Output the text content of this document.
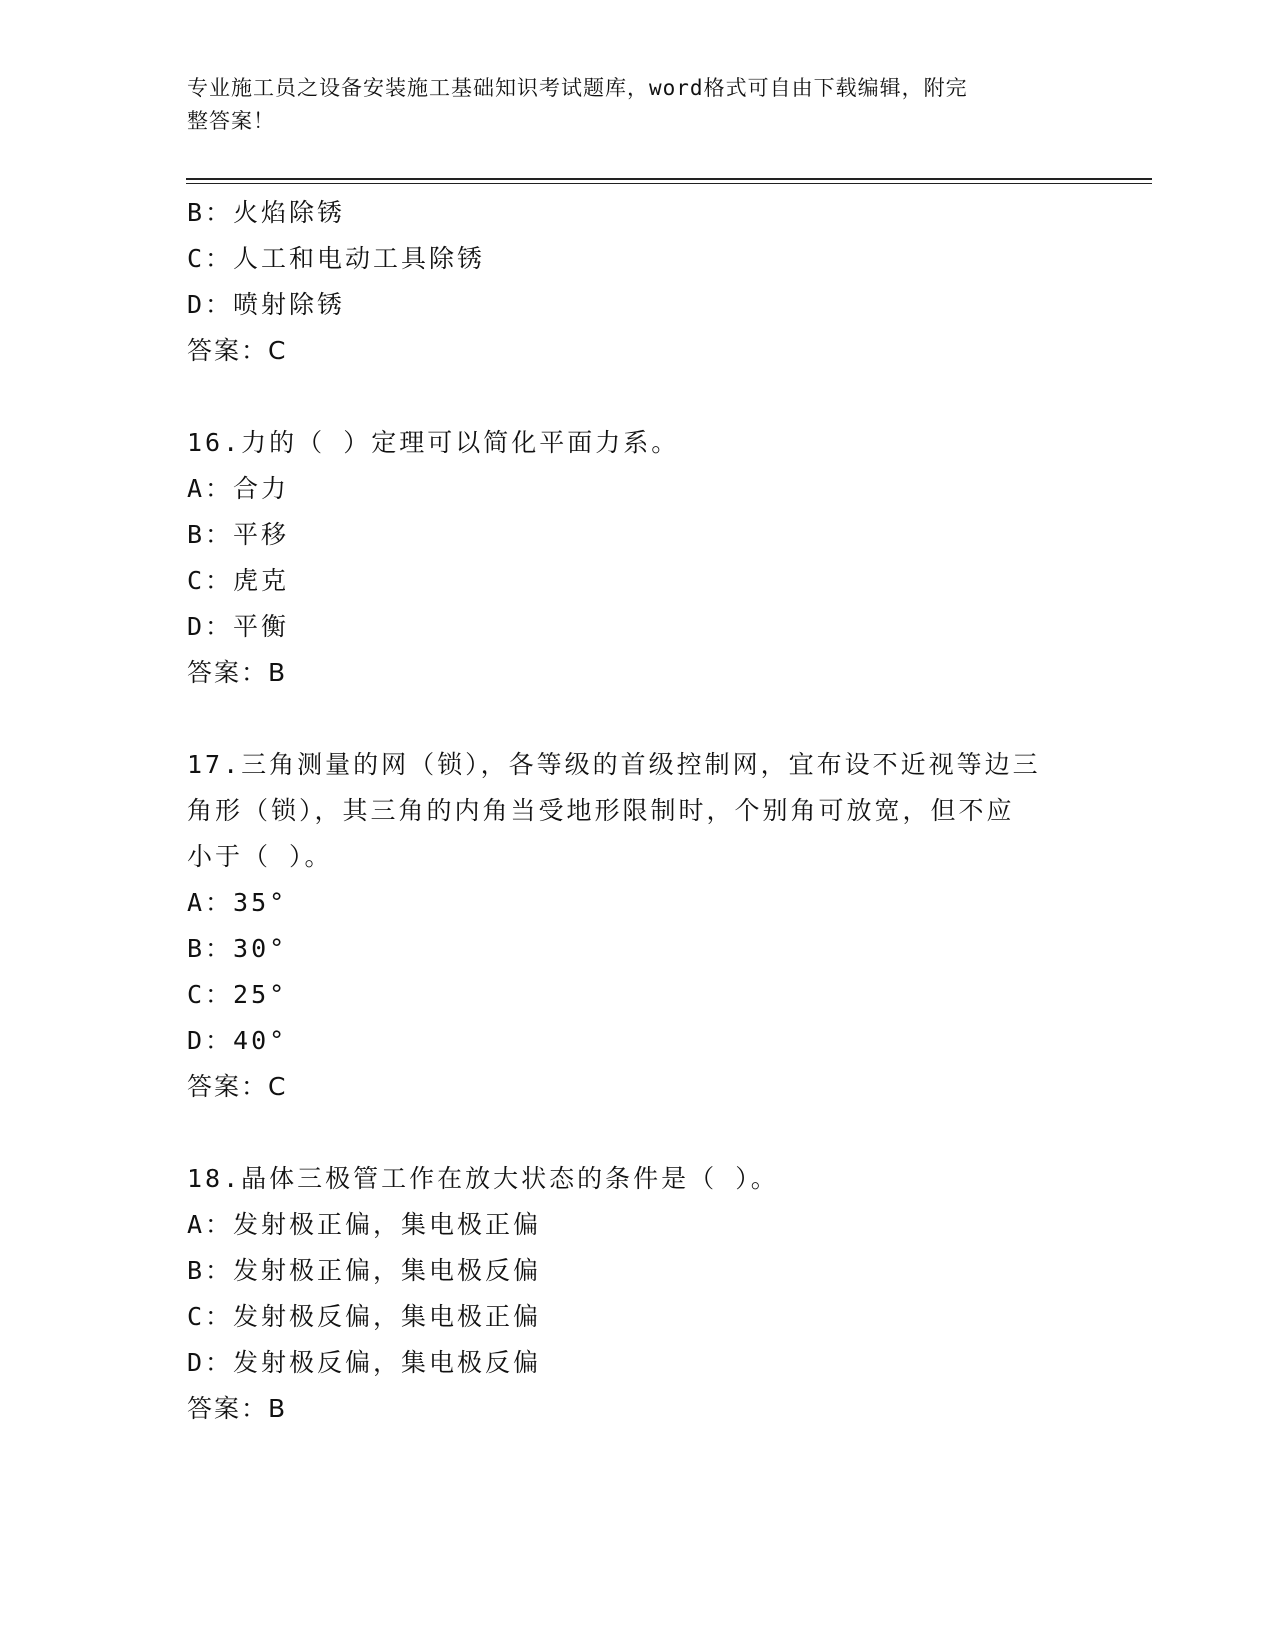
专业施工员之设备安装施工基础知识考试题库，word格式可自由下载编辑，附完
整答案！
B：火焰除锈
C：人工和电动工具除锈
D：喷射除锈
答案：C
16.力的（ ）定理可以简化平面力系。
A：合力
B：平移
C：虎克
D：平衡
答案：B
17.三角测量的网（锁），各等级的首级控制网，宜布设不近视等边三
角形（锁），其三角的内角当受地形限制时，个别角可放宽，但不应
小于（ ）。
A：35°
B：30°
C：25°
D：40°
答案：C
18.晶体三极管工作在放大状态的条件是（ ）。
A：发射极正偏，集电极正偏
B：发射极正偏，集电极反偏
C：发射极反偏，集电极正偏
D：发射极反偏，集电极反偏
答案：B
